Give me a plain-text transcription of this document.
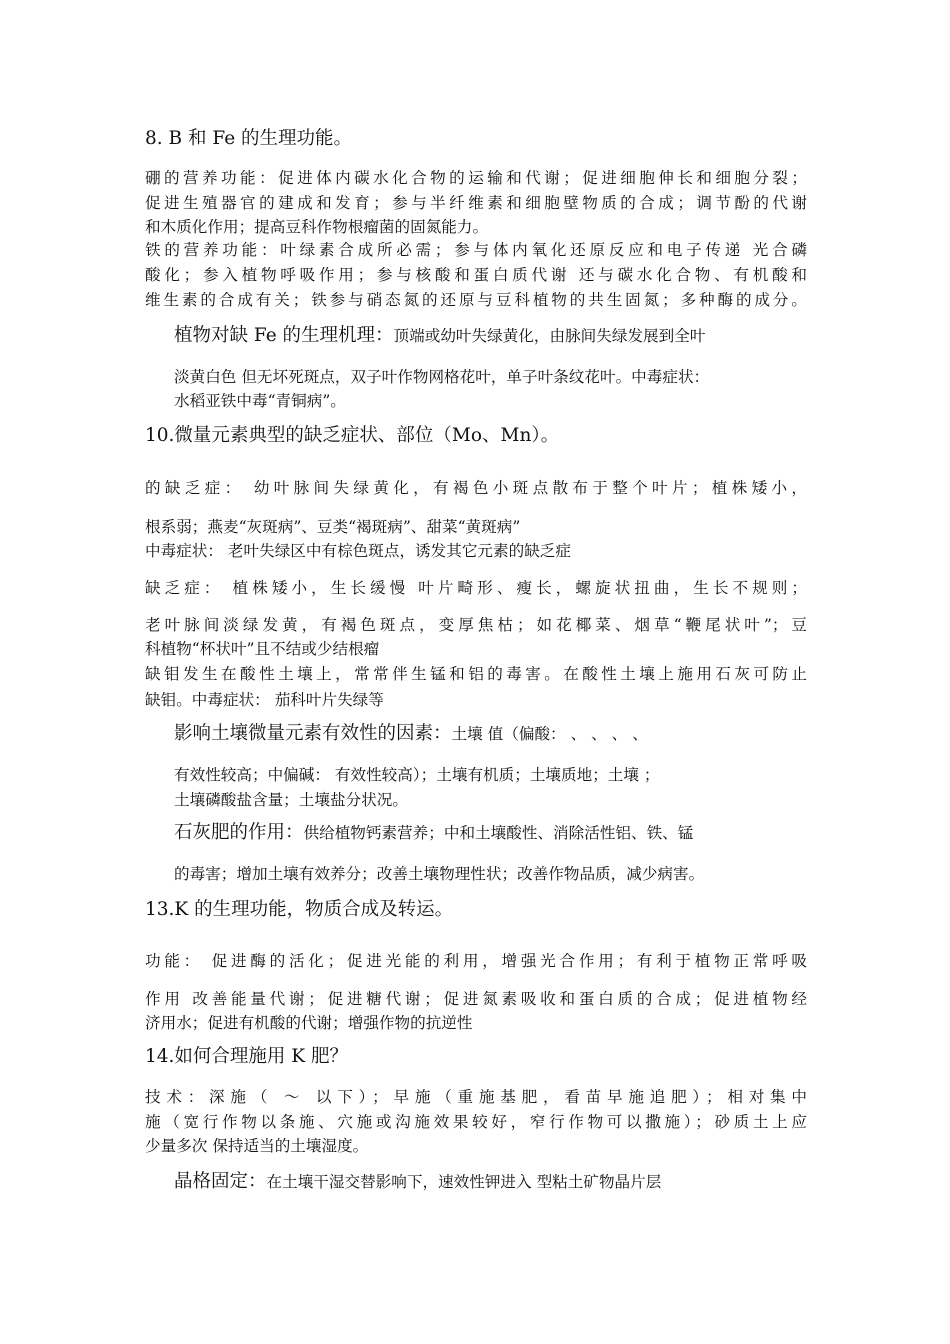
8. B 和 Fe 的生理功能。
硼的营养功能：促进体内碳水化合物的运输和代谢；促进细胞伸长和细胞分裂；
促进生殖器官的建成和发育；参与半纤维素和细胞壁物质的合成；调节酚的代谢
和木质化作用；提高豆科作物根瘤菌的固氮能力。
铁的营养功能：叶绿素合成所必需；参与体内氧化还原反应和电子传递 光合磷
酸化；参入植物呼吸作用；参与核酸和蛋白质代谢 还与碳水化合物、有机酸和
维生素的合成有关；铁参与硝态氮的还原与豆科植物的共生固氮；多种酶的成分。
植物对缺 Fe 的生理机理：顶端或幼叶失绿黄化，由脉间失绿发展到全叶
淡黄白色 但无坏死斑点，双子叶作物网格花叶，单子叶条纹花叶。中毒症状：
水稻亚铁中毒“青铜病”。
10.微量元素典型的缺乏症状、部位（Mo、Mn）。
的缺乏症： 幼叶脉间失绿黄化，有褐色小斑点散布于整个叶片；植株矮小，
根系弱；燕麦“灰斑病”、豆类“褐斑病”、甜菜“黄斑病”
中毒症状： 老叶失绿区中有棕色斑点，诱发其它元素的缺乏症
缺乏症： 植株矮小，生长缓慢 叶片畸形、瘦长，螺旋状扭曲，生长不规则；
老叶脉间淡绿发黄，有褐色斑点，变厚焦枯；如花椰菜、烟草“鞭尾状叶”；豆
科植物“杯状叶”且不结或少结根瘤
缺钼发生在酸性土壤上，常常伴生锰和铝的毒害。在酸性土壤上施用石灰可防止
缺钼。中毒症状： 茄科叶片失绿等
影响土壤微量元素有效性的因素：土壤 值（偏酸： 、 、 、 、
有效性较高；中偏碱： 有效性较高）；土壤有机质；土壤质地；土壤 ；
土壤磷酸盐含量；土壤盐分状况。
石灰肥的作用：供给植物钙素营养；中和土壤酸性、消除活性铝、铁、锰
的毒害；增加土壤有效养分；改善土壤物理性状；改善作物品质，减少病害。
13.K 的生理功能，物质合成及转运。
功能： 促进酶的活化；促进光能的利用，增强光合作用；有利于植物正常呼吸
作用 改善能量代谢；促进糖代谢；促进氮素吸收和蛋白质的合成；促进植物经
济用水；促进有机酸的代谢；增强作物的抗逆性
14.如何合理施用 K 肥？
技术：深施（ ～ 以下）；早施（重施基肥，看苗早施追肥）；相对集中
施（宽行作物以条施、穴施或沟施效果较好，窄行作物可以撒施）；砂质土上应
少量多次 保持适当的土壤湿度。
晶格固定：在土壤干湿交替影响下，速效性钾进入 型粘土矿物晶片层
